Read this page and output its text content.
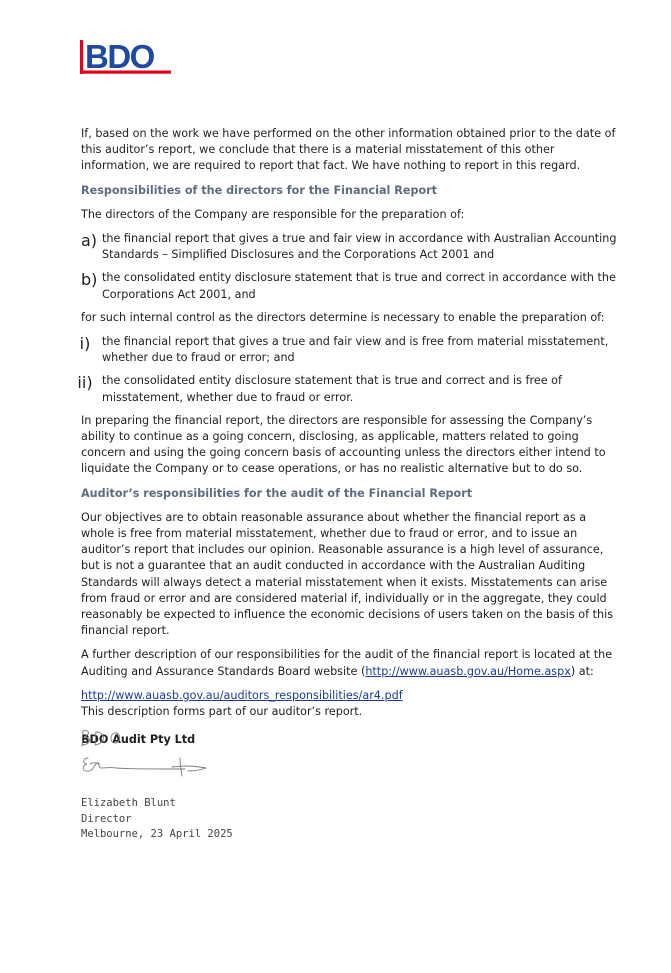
BDO

If, based on the work we have performed on the other information obtained prior to the date of this auditor’s report, we conclude that there is a material misstatement of this other information, we are required to report that fact. We have nothing to report in this regard.

Responsibilities of the directors for the Financial Report

The directors of the Company are responsible for the preparation of:

a) the financial report that gives a true and fair view in accordance with Australian Accounting Standards – Simplified Disclosures and the Corporations Act 2001 and

b) the consolidated entity disclosure statement that is true and correct in accordance with the Corporations Act 2001, and

for such internal control as the directors determine is necessary to enable the preparation of:

i) the financial report that gives a true and fair view and is free from material misstatement, whether due to fraud or error; and

ii) the consolidated entity disclosure statement that is true and correct and is free of misstatement, whether due to fraud or error.

In preparing the financial report, the directors are responsible for assessing the Company’s ability to continue as a going concern, disclosing, as applicable, matters related to going concern and using the going concern basis of accounting unless the directors either intend to liquidate the Company or to cease operations, or has no realistic alternative but to do so.

Auditor’s responsibilities for the audit of the Financial Report

Our objectives are to obtain reasonable assurance about whether the financial report as a whole is free from material misstatement, whether due to fraud or error, and to issue an auditor’s report that includes our opinion. Reasonable assurance is a high level of assurance, but is not a guarantee that an audit conducted in accordance with the Australian Auditing Standards will always detect a material misstatement when it exists. Misstatements can arise from fraud or error and are considered material if, individually or in the aggregate, they could reasonably be expected to influence the economic decisions of users taken on the basis of this financial report.

A further description of our responsibilities for the audit of the financial report is located at the Auditing and Assurance Standards Board website (http://www.auasb.gov.au/Home.aspx) at:

http://www.auasb.gov.au/auditors_responsibilities/ar4.pdf

This description forms part of our auditor’s report.

BDO Audit Pty Ltd

Elizabeth Blunt
Director
Melbourne, 23 April 2025
